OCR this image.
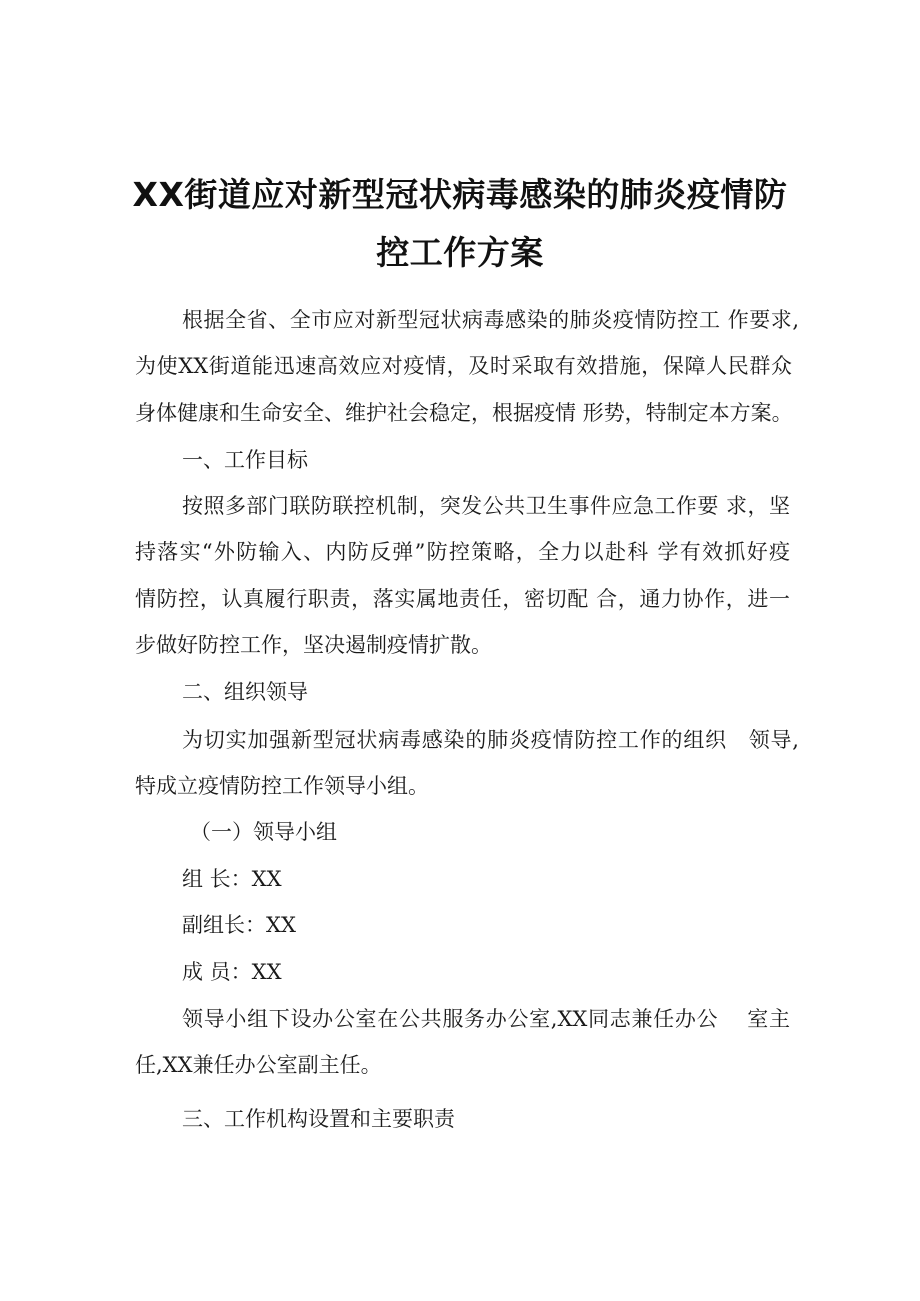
XX街道应对新型冠状病毒感染的肺炎疫情防
控工作方案
根据全省、全市应对新型冠状病毒感染的肺炎疫情防控工 作要求,
为使XX街道能迅速高效应对疫情，及时采取有效措施，保障人民群众
身体健康和生命安全、维护社会稳定，根据疫情 形势，特制定本方案。
一、工作目标
按照多部门联防联控机制，突发公共卫生事件应急工作要 求，坚
持落实“外防输入、内防反弹”防控策略，全力以赴科 学有效抓好疫
情防控，认真履行职责，落实属地责任，密切配 合，通力协作，进一
步做好防控工作，坚决遏制疫情扩散。
二、组织领导
为切实加强新型冠状病毒感染的肺炎疫情防控工作的组织　领导,
特成立疫情防控工作领导小组。
（一）领导小组
组 长：XX
副组长：XX
成 员：XX
领导小组下设办公室在公共服务办公室,XX同志兼任办公　 室主
任,XX兼任办公室副主任。
三、工作机构设置和主要职责
